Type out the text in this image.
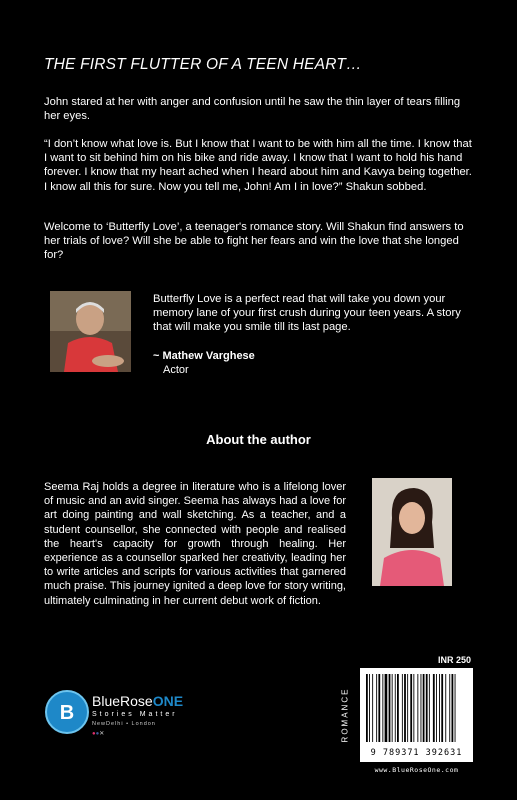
THE FIRST FLUTTER OF A TEEN HEART…
John stared at her with anger and confusion until he saw the thin layer of tears filling her eyes.
“I don’t know what love is. But I know that I want to be with him all the time. I know that I want to sit behind him on his bike and ride away. I know that I want to hold his hand forever. I know that my heart ached when I heard about him and Kavya being together. I know all this for sure. Now you tell me, John! Am I in love?” Shakun sobbed.
Welcome to ‘Butterfly Love’, a teenager's romance story. Will Shakun find answers to her trials of love? Will she be able to fight her fears and win the love that she longed for?
Butterfly Love is a perfect read that will take you down your memory lane of your first crush during your teen years. A story that will make you smile till its last page.
~ Mathew Varghese
Actor
About the author
Seema Raj holds a degree in literature who is a lifelong lover of music and an avid singer. Seema has always had a love for art doing painting and wall sketching. As a teacher, and a student counsellor, she connected with people and realised the heart's capacity for growth through healing. Her experience as a counsellor sparked her creativity, leading her to write articles and scripts for various activities that garnered much praise. This journey ignited a deep love for story writing, ultimately culminating in her current debut work of fiction.
INR 250
ROMANCE
9 789371 392631
www.BlueRoseOne.com
B
BlueRoseONE
Stories Matter
NewDelhi • London
●●✕
